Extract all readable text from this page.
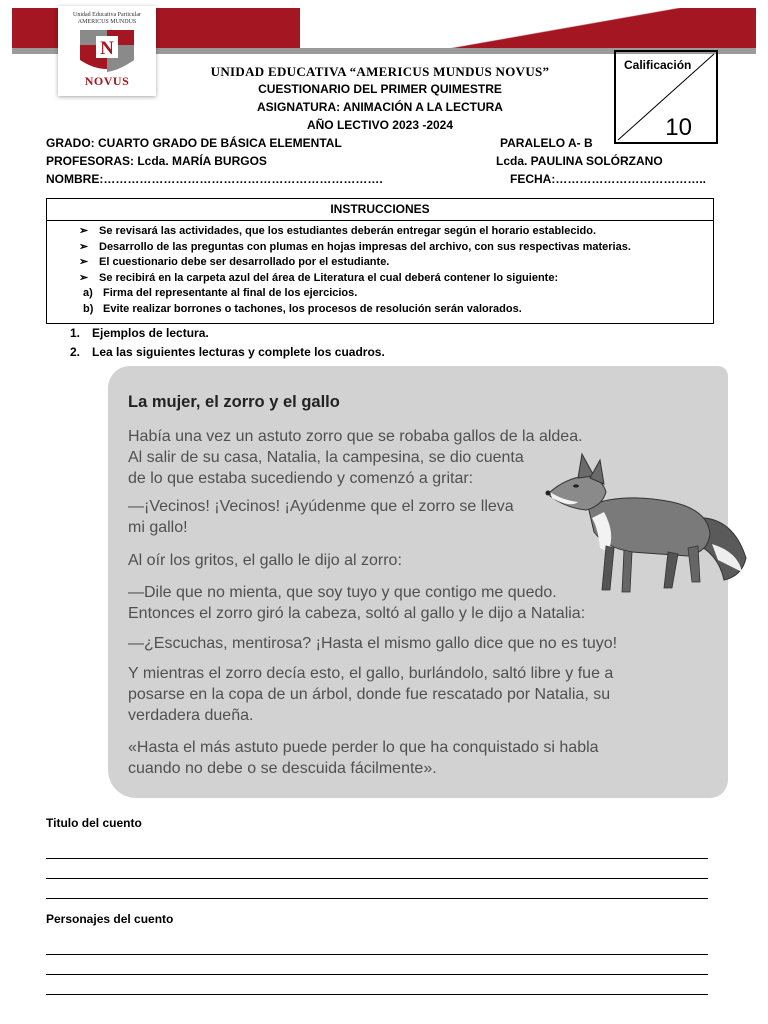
Unidad Educativa Particular
AMERICUS MUNDUS
N
NOVUS
UNIDAD EDUCATIVA “AMERICUS MUNDUS NOVUS”
CUESTIONARIO DEL PRIMER QUIMESTRE
ASIGNATURA: ANIMACIÓN A LA LECTURA
AÑO LECTIVO 2023 -2024
Calificación
10
GRADO: CUARTO GRADO DE BÁSICA ELEMENTAL	PARALELO A- B
PROFESORAS: Lcda. MARÍA BURGOS	Lcda. PAULINA SOLÓRZANO
NOMBRE:…………………………………………………………….	FECHA:………………………………..
INSTRUCCIONES
➢ Se revisará las actividades, que los estudiantes deberán entregar según el horario establecido.
➢ Desarrollo de las preguntas con plumas en hojas impresas del archivo, con sus respectivas materias.
➢ El cuestionario debe ser desarrollado por el estudiante.
➢ Se recibirá en la carpeta azul del área de Literatura el cual deberá contener lo siguiente:
a) Firma del representante al final de los ejercicios.
b) Evite realizar borrones o tachones, los procesos de resolución serán valorados.
1. Ejemplos de lectura.
2. Lea las siguientes lecturas y complete los cuadros.
La mujer, el zorro y el gallo
Había una vez un astuto zorro que se robaba gallos de la aldea.
Al salir de su casa, Natalia, la campesina, se dio cuenta
de lo que estaba sucediendo y comenzó a gritar:
—¡Vecinos! ¡Vecinos! ¡Ayúdenme que el zorro se lleva
mi gallo!
Al oír los gritos, el gallo le dijo al zorro:
—Dile que no mienta, que soy tuyo y que contigo me quedo.
Entonces el zorro giró la cabeza, soltó al gallo y le dijo a Natalia:
—¿Escuchas, mentirosa? ¡Hasta el mismo gallo dice que no es tuyo!
Y mientras el zorro decía esto, el gallo, burlándolo, saltó libre y fue a
posarse en la copa de un árbol, donde fue rescatado por Natalia, su
verdadera dueña.
«Hasta el más astuto puede perder lo que ha conquistado si habla
cuando no debe o se descuida fácilmente».
Titulo del cuento
Personajes del cuento
